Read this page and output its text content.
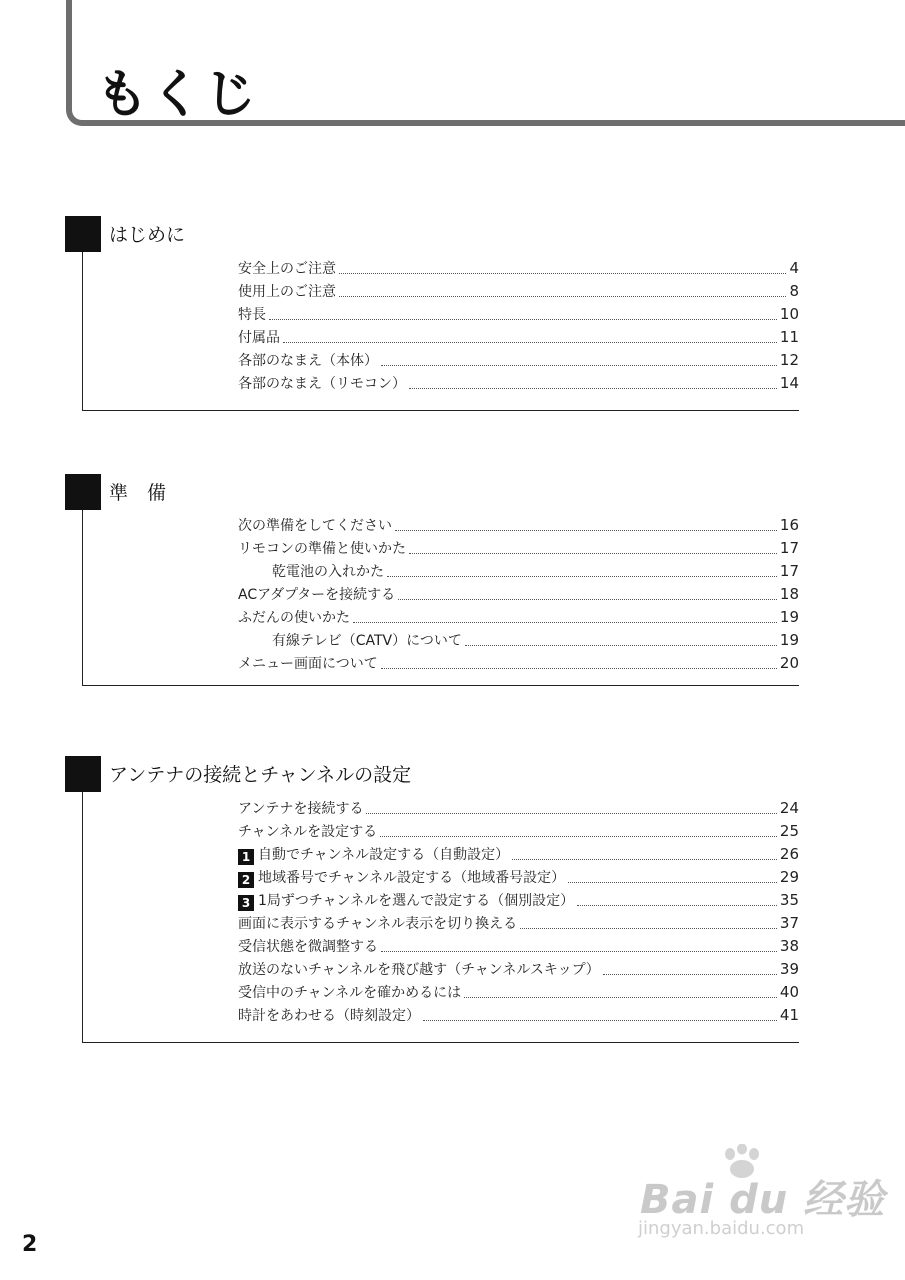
もくじ
はじめに
安全上のご注意	4
使用上のご注意	8
特長	10
付属品	11
各部のなまえ（本体）	12
各部のなまえ（リモコン）	14
準　備
次の準備をしてください	16
リモコンの準備と使いかた	17
乾電池の入れかた	17
ACアダプターを接続する	18
ふだんの使いかた	19
有線テレビ（CATV）について	19
メニュー画面について	20
アンテナの接続とチャンネルの設定
アンテナを接続する	24
チャンネルを設定する	25
1 自動でチャンネル設定する（自動設定）	26
2 地域番号でチャンネル設定する（地域番号設定）	29
3 1局ずつチャンネルを選んで設定する（個別設定）	35
画面に表示するチャンネル表示を切り換える	37
受信状態を微調整する	38
放送のないチャンネルを飛び越す（チャンネルスキップ）	39
受信中のチャンネルを確かめるには	40
時計をあわせる（時刻設定）	41
Bai du 经验
jingyan.baidu.com
2
